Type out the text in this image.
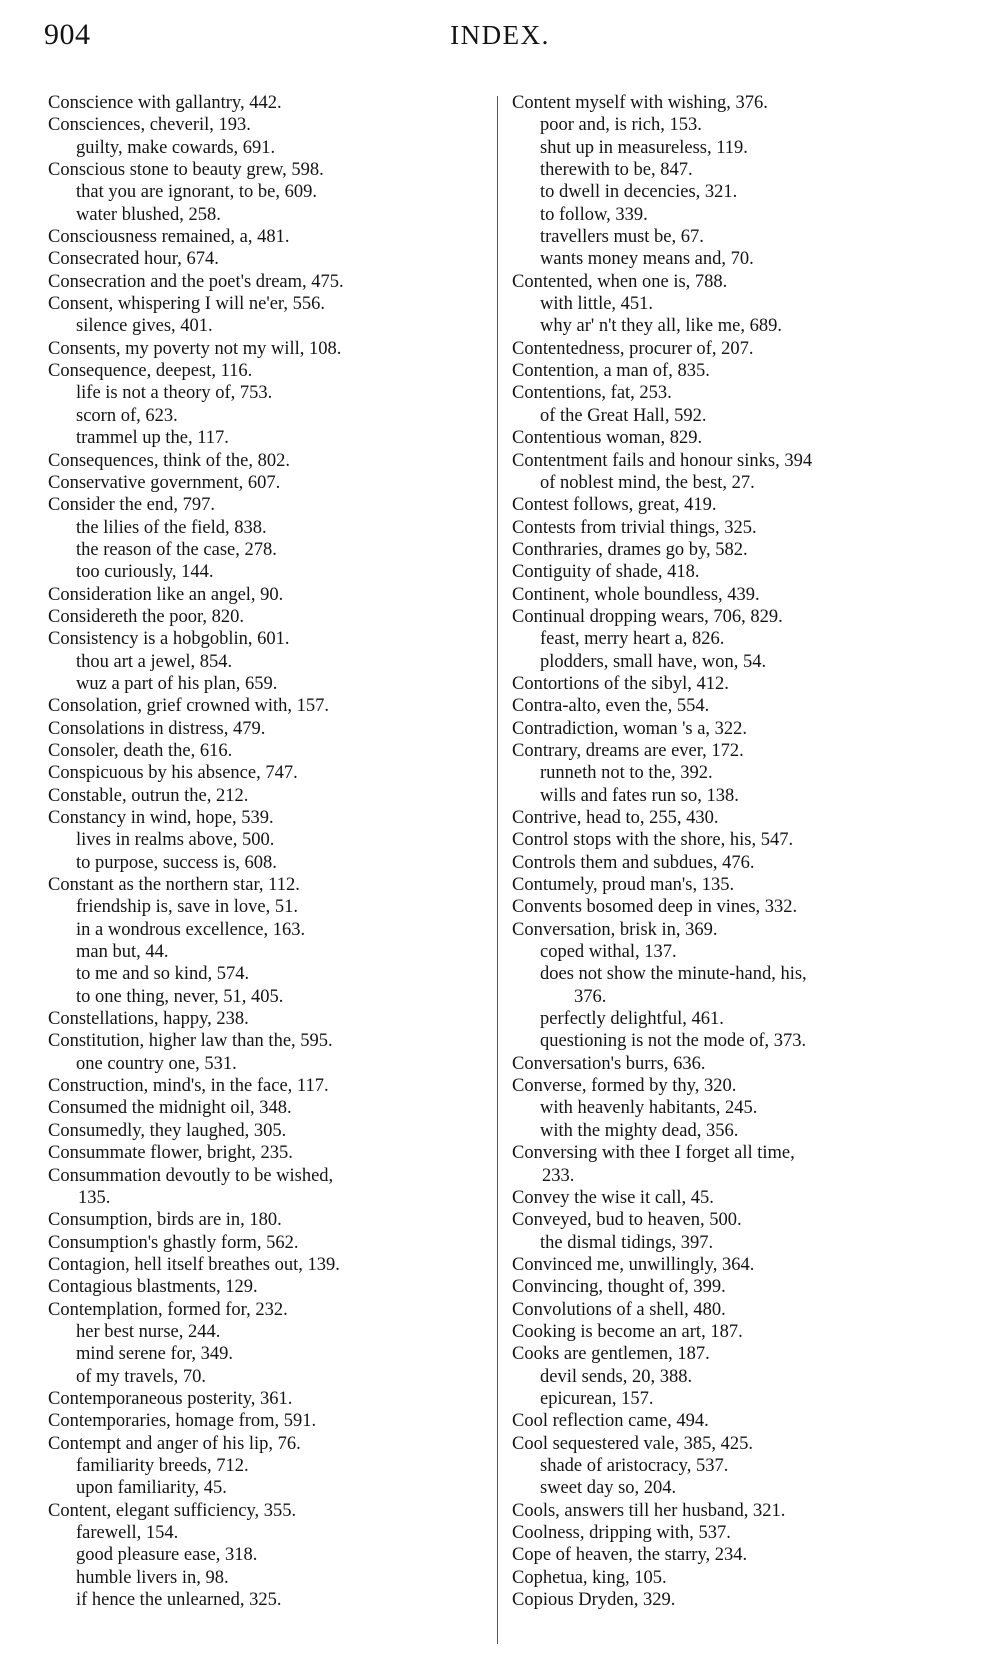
904	INDEX.
Conscience with gallantry, 442.
Consciences, cheveril, 193.
guilty, make cowards, 691.
Conscious stone to beauty grew, 598.
that you are ignorant, to be, 609.
water blushed, 258.
Consciousness remained, a, 481.
Consecrated hour, 674.
Consecration and the poet's dream, 475.
Consent, whispering I will ne'er, 556.
silence gives, 401.
Consents, my poverty not my will, 108.
Consequence, deepest, 116.
life is not a theory of, 753.
scorn of, 623.
trammel up the, 117.
Consequences, think of the, 802.
Conservative government, 607.
Consider the end, 797.
the lilies of the field, 838.
the reason of the case, 278.
too curiously, 144.
Consideration like an angel, 90.
Considereth the poor, 820.
Consistency is a hobgoblin, 601.
thou art a jewel, 854.
wuz a part of his plan, 659.
Consolation, grief crowned with, 157.
Consolations in distress, 479.
Consoler, death the, 616.
Conspicuous by his absence, 747.
Constable, outrun the, 212.
Constancy in wind, hope, 539.
lives in realms above, 500.
to purpose, success is, 608.
Constant as the northern star, 112.
friendship is, save in love, 51.
in a wondrous excellence, 163.
man but, 44.
to me and so kind, 574.
to one thing, never, 51, 405.
Constellations, happy, 238.
Constitution, higher law than the, 595.
one country one, 531.
Construction, mind's, in the face, 117.
Consumed the midnight oil, 348.
Consumedly, they laughed, 305.
Consummate flower, bright, 235.
Consummation devoutly to be wished,
135.
Consumption, birds are in, 180.
Consumption's ghastly form, 562.
Contagion, hell itself breathes out, 139.
Contagious blastments, 129.
Contemplation, formed for, 232.
her best nurse, 244.
mind serene for, 349.
of my travels, 70.
Contemporaneous posterity, 361.
Contemporaries, homage from, 591.
Contempt and anger of his lip, 76.
familiarity breeds, 712.
upon familiarity, 45.
Content, elegant sufficiency, 355.
farewell, 154.
good pleasure ease, 318.
humble livers in, 98.
if hence the unlearned, 325.
Content myself with wishing, 376.
poor and, is rich, 153.
shut up in measureless, 119.
therewith to be, 847.
to dwell in decencies, 321.
to follow, 339.
travellers must be, 67.
wants money means and, 70.
Contented, when one is, 788.
with little, 451.
why ar' n't they all, like me, 689.
Contentedness, procurer of, 207.
Contention, a man of, 835.
Contentions, fat, 253.
of the Great Hall, 592.
Contentious woman, 829.
Contentment fails and honour sinks, 394
of noblest mind, the best, 27.
Contest follows, great, 419.
Contests from trivial things, 325.
Conthraries, drames go by, 582.
Contiguity of shade, 418.
Continent, whole boundless, 439.
Continual dropping wears, 706, 829.
feast, merry heart a, 826.
plodders, small have, won, 54.
Contortions of the sibyl, 412.
Contra-alto, even the, 554.
Contradiction, woman 's a, 322.
Contrary, dreams are ever, 172.
runneth not to the, 392.
wills and fates run so, 138.
Contrive, head to, 255, 430.
Control stops with the shore, his, 547.
Controls them and subdues, 476.
Contumely, proud man's, 135.
Convents bosomed deep in vines, 332.
Conversation, brisk in, 369.
coped withal, 137.
does not show the minute-hand, his,
376.
perfectly delightful, 461.
questioning is not the mode of, 373.
Conversation's burrs, 636.
Converse, formed by thy, 320.
with heavenly habitants, 245.
with the mighty dead, 356.
Conversing with thee I forget all time,
233.
Convey the wise it call, 45.
Conveyed, bud to heaven, 500.
the dismal tidings, 397.
Convinced me, unwillingly, 364.
Convincing, thought of, 399.
Convolutions of a shell, 480.
Cooking is become an art, 187.
Cooks are gentlemen, 187.
devil sends, 20, 388.
epicurean, 157.
Cool reflection came, 494.
Cool sequestered vale, 385, 425.
shade of aristocracy, 537.
sweet day so, 204.
Cools, answers till her husband, 321.
Coolness, dripping with, 537.
Cope of heaven, the starry, 234.
Cophetua, king, 105.
Copious Dryden, 329.
